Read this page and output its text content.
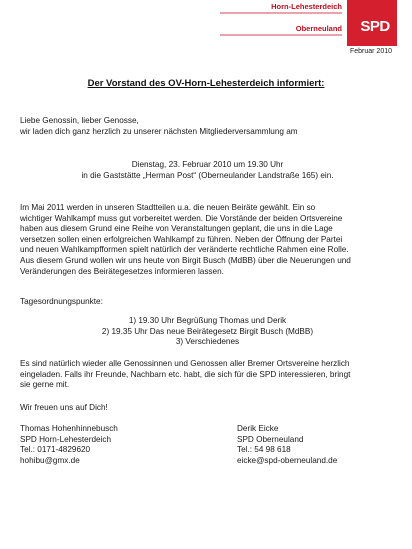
Horn-Lehesterdeich
Oberneuland SPD
Februar 2010
Der Vorstand des OV-Horn-Lehesterdeich informiert:

Liebe Genossin, lieber Genosse,

wir laden dich ganz herzlich zu unserer nächsten Mitgliederversammlung am

Dienstag, 23. Februar 2010 um 19.30 Uhr

in die Gaststätte „Herman Post“ (Oberneulander Landstraße 165) ein.

Im Mai 2011 werden in unseren Stadtteilen u.a. die neuen Beiräte gewählt. Ein so

wichtiger Wahlkampf muss gut vorbereitet werden. Die Vorstände der beiden Ortsvereine

haben aus diesem Grund eine Reihe von Veranstaltungen geplant, die uns in die Lage

versetzen sollen einen erfolgreichen Wahlkampf zu führen. Neben der Öffnung der Partei

und neuen Wahlkampfformen spielt natürlich der veränderte rechtliche Rahmen eine Rolle.

Aus diesem Grund wollen wir uns heute von Birgit Busch (MdBB) über die Neuerungen und

Veränderungen des Beirätegesetzes informieren lassen.

Tagesordnungspunkte:

1) 19.30 Uhr Begrüßung Thomas und Derik

2) 19.35 Uhr Das neue Beirätegesetz Birgit Busch (MdBB)

3) Verschiedenes

Es sind natürlich wieder alle Genossinnen und Genossen aller Bremer Ortsvereine herzlich

eingeladen. Falls ihr Freunde, Nachbarn etc. habt, die sich für die SPD interessieren, bringt

sie gerne mit.

Wir freuen uns auf Dich!

Thomas Hohenhinnebusch

SPD Horn-Lehesterdeich

Tel.: 0171-4829620

hohibu@gmx.de

Derik Eicke

SPD Oberneuland

Tel.: 54 98 618

eicke@spd-oberneuland.de
